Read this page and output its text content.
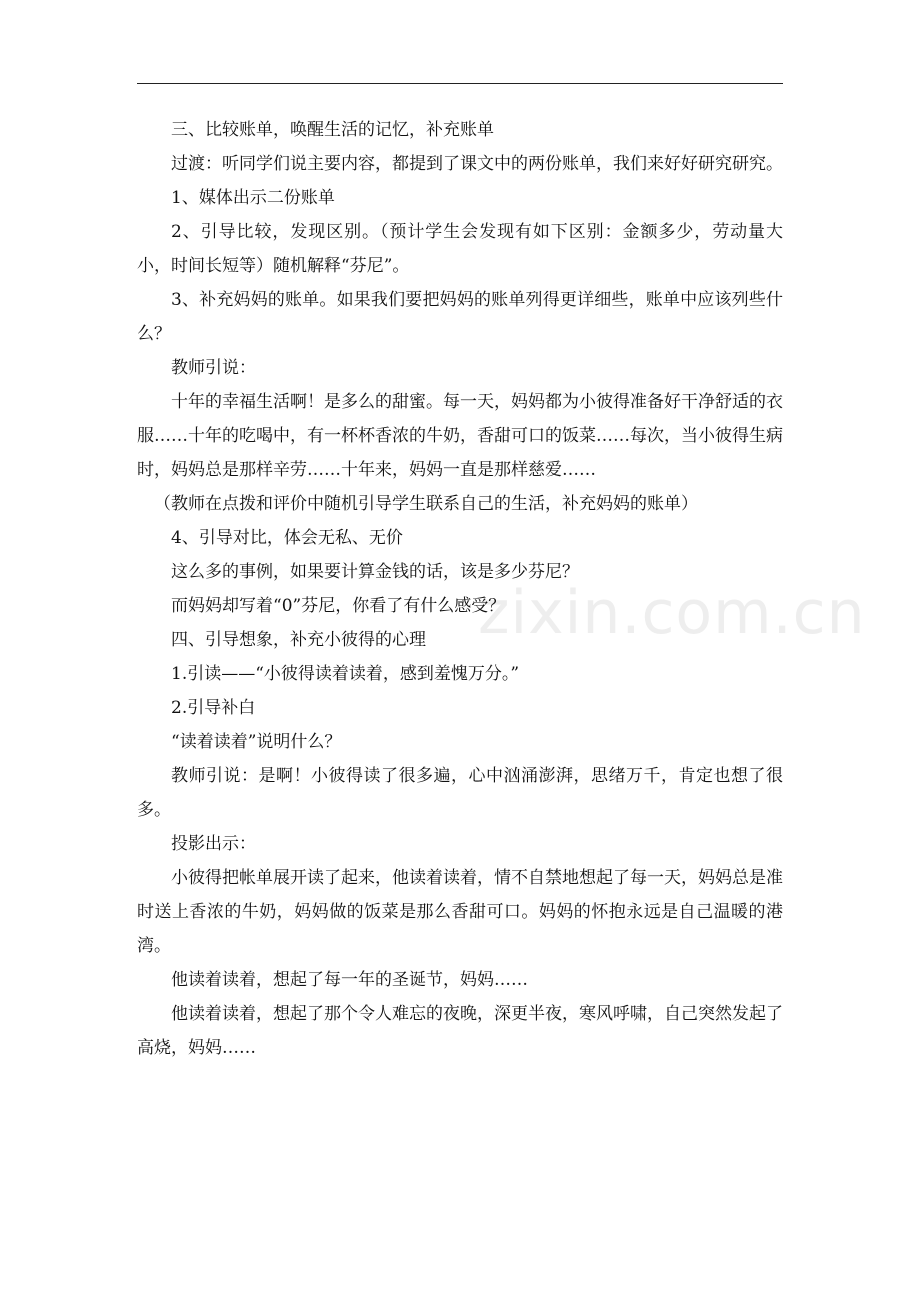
zixin.com.cn

三、比较账单，唤醒生活的记忆，补充账单

过渡：听同学们说主要内容，都提到了课文中的两份账单，我们来好好研究研究。

1、媒体出示二份账单

2、引导比较，发现区别。（预计学生会发现有如下区别：金额多少，劳动量大小，时间长短等）随机解释“芬尼”。

3、补充妈妈的账单。如果我们要把妈妈的账单列得更详细些，账单中应该列些什么？

教师引说：

十年的幸福生活啊！是多么的甜蜜。每一天，妈妈都为小彼得准备好干净舒适的衣服……十年的吃喝中，有一杯杯香浓的牛奶，香甜可口的饭菜……每次，当小彼得生病时，妈妈总是那样辛劳……十年来，妈妈一直是那样慈爱……

（教师在点拨和评价中随机引导学生联系自己的生活，补充妈妈的账单）

4、引导对比，体会无私、无价

这么多的事例，如果要计算金钱的话，该是多少芬尼？

而妈妈却写着“0”芬尼，你看了有什么感受？

四、引导想象，补充小彼得的心理

1.引读——“小彼得读着读着，感到羞愧万分。”

2.引导补白

“读着读着”说明什么？

教师引说：是啊！小彼得读了很多遍，心中汹涌澎湃，思绪万千，肯定也想了很多。

投影出示：

小彼得把帐单展开读了起来，他读着读着，情不自禁地想起了每一天，妈妈总是准时送上香浓的牛奶，妈妈做的饭菜是那么香甜可口。妈妈的怀抱永远是自己温暖的港湾。

他读着读着，想起了每一年的圣诞节，妈妈……

他读着读着，想起了那个令人难忘的夜晚，深更半夜，寒风呼啸，自己突然发起了高烧，妈妈……
